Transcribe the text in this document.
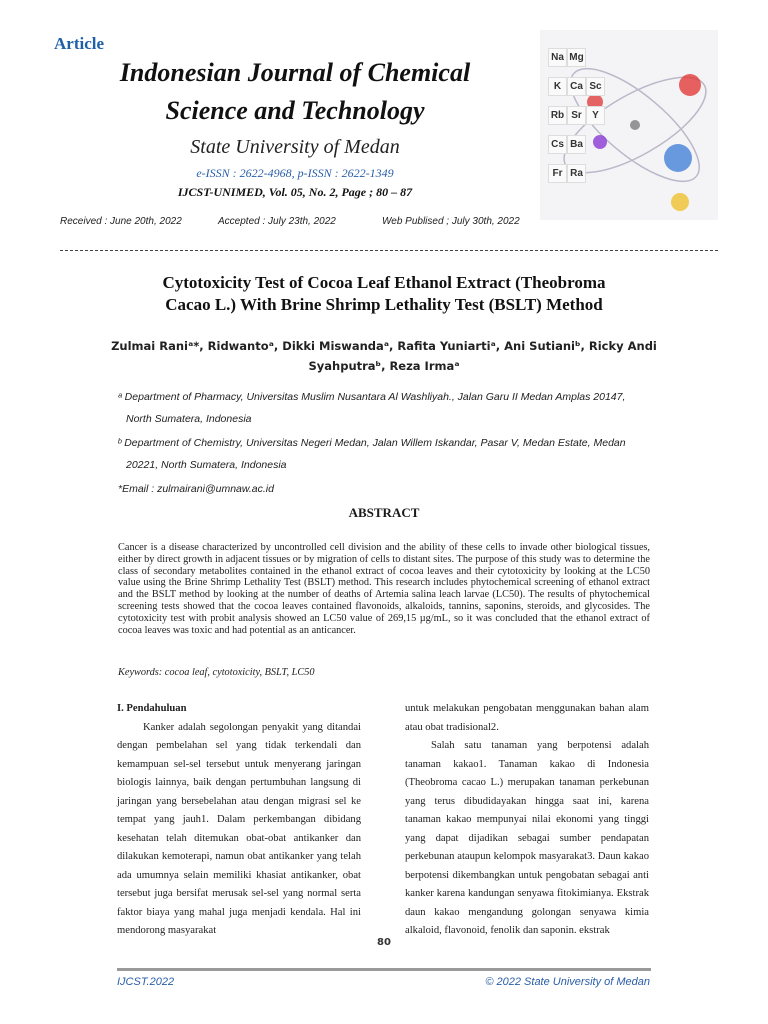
Article
Indonesian Journal of Chemical
Science and Technology
State University of Medan
e-ISSN : 2622-4968, p-ISSN : 2622-1349
IJCST-UNIMED, Vol. 05, No. 2, Page ; 80 – 87
Received : June 20th, 2022	Accepted : July 23th, 2022	Web Publised ; July 30th, 2022
Na Mg
K Ca Sc
Rb Sr	Y
Cs Ba
Fr Ra
Cytotoxicity Test of Cocoa Leaf Ethanol Extract (Theobroma
Cacao L.) With Brine Shrimp Lethality Test (BSLT) Method
Zulmai Raniᵃ*, Ridwantoᵃ, Dikki Miswandaᵃ, Rafita Yuniartiᵃ, Ani Sutianiᵇ, Ricky Andi
Syahputraᵇ, Reza Irmaᵃ
ᵃ Department of Pharmacy, Universitas Muslim Nusantara Al Washliyah., Jalan Garu II Medan Amplas 20147,
North Sumatera, Indonesia
ᵇ Department of Chemistry, Universitas Negeri Medan, Jalan Willem Iskandar, Pasar V, Medan Estate, Medan
20221, North Sumatera, Indonesia
*Email : zulmairani@umnaw.ac.id
ABSTRACT
Cancer is a disease characterized by uncontrolled cell division and the ability of these cells to invade other biological tissues, either by direct growth in adjacent tissues or by migration of cells to distant sites. The purpose of this study was to determine the class of secondary metabolites contained in the ethanol extract of cocoa leaves and their cytotoxicity by looking at the LC50 value using the Brine Shrimp Lethality Test (BSLT) method. This research includes phytochemical screening of ethanol extract and the BSLT method by looking at the number of deaths of Artemia salina leach larvae (LC50). The results of phytochemical screening tests showed that the cocoa leaves contained flavonoids, alkaloids, tannins, saponins, steroids, and glycosides. The cytotoxicity test with probit analysis showed an LC50 value of 269,15 µg/mL, so it was concluded that the ethanol extract of cocoa leaves was toxic and had potential as an anticancer.
Keywords: cocoa leaf, cytotoxicity, BSLT, LC50
I. Pendahuluan
Kanker adalah segolongan penyakit yang ditandai dengan pembelahan sel yang tidak terkendali dan kemampuan sel-sel tersebut untuk menyerang jaringan biologis lainnya, baik dengan pertumbuhan langsung di jaringan yang bersebelahan atau dengan migrasi sel ke tempat yang jauh1. Dalam perkembangan dibidang kesehatan telah ditemukan obat-obat antikanker dan dilakukan kemoterapi, namun obat antikanker yang telah ada umumnya selain memiliki khasiat antikanker, obat tersebut juga bersifat merusak sel-sel yang normal serta faktor biaya yang mahal juga menjadi kendala. Hal ini mendorong masyarakat
untuk melakukan pengobatan menggunakan bahan alam atau obat tradisional2.
Salah satu tanaman yang berpotensi adalah tanaman kakao1. Tanaman kakao di Indonesia (Theobroma cacao L.) merupakan tanaman perkebunan yang terus dibudidayakan hingga saat ini, karena tanaman kakao mempunyai nilai ekonomi yang tinggi yang dapat dijadikan sebagai sumber pendapatan perkebunan ataupun kelompok masyarakat3. Daun kakao berpotensi dikembangkan untuk pengobatan sebagai anti kanker karena kandungan senyawa fitokimianya. Ekstrak daun kakao mengandung golongan senyawa kimia alkaloid, flavonoid, fenolik dan saponin. ekstrak
80
IJCST.2022	© 2022 State University of Medan
